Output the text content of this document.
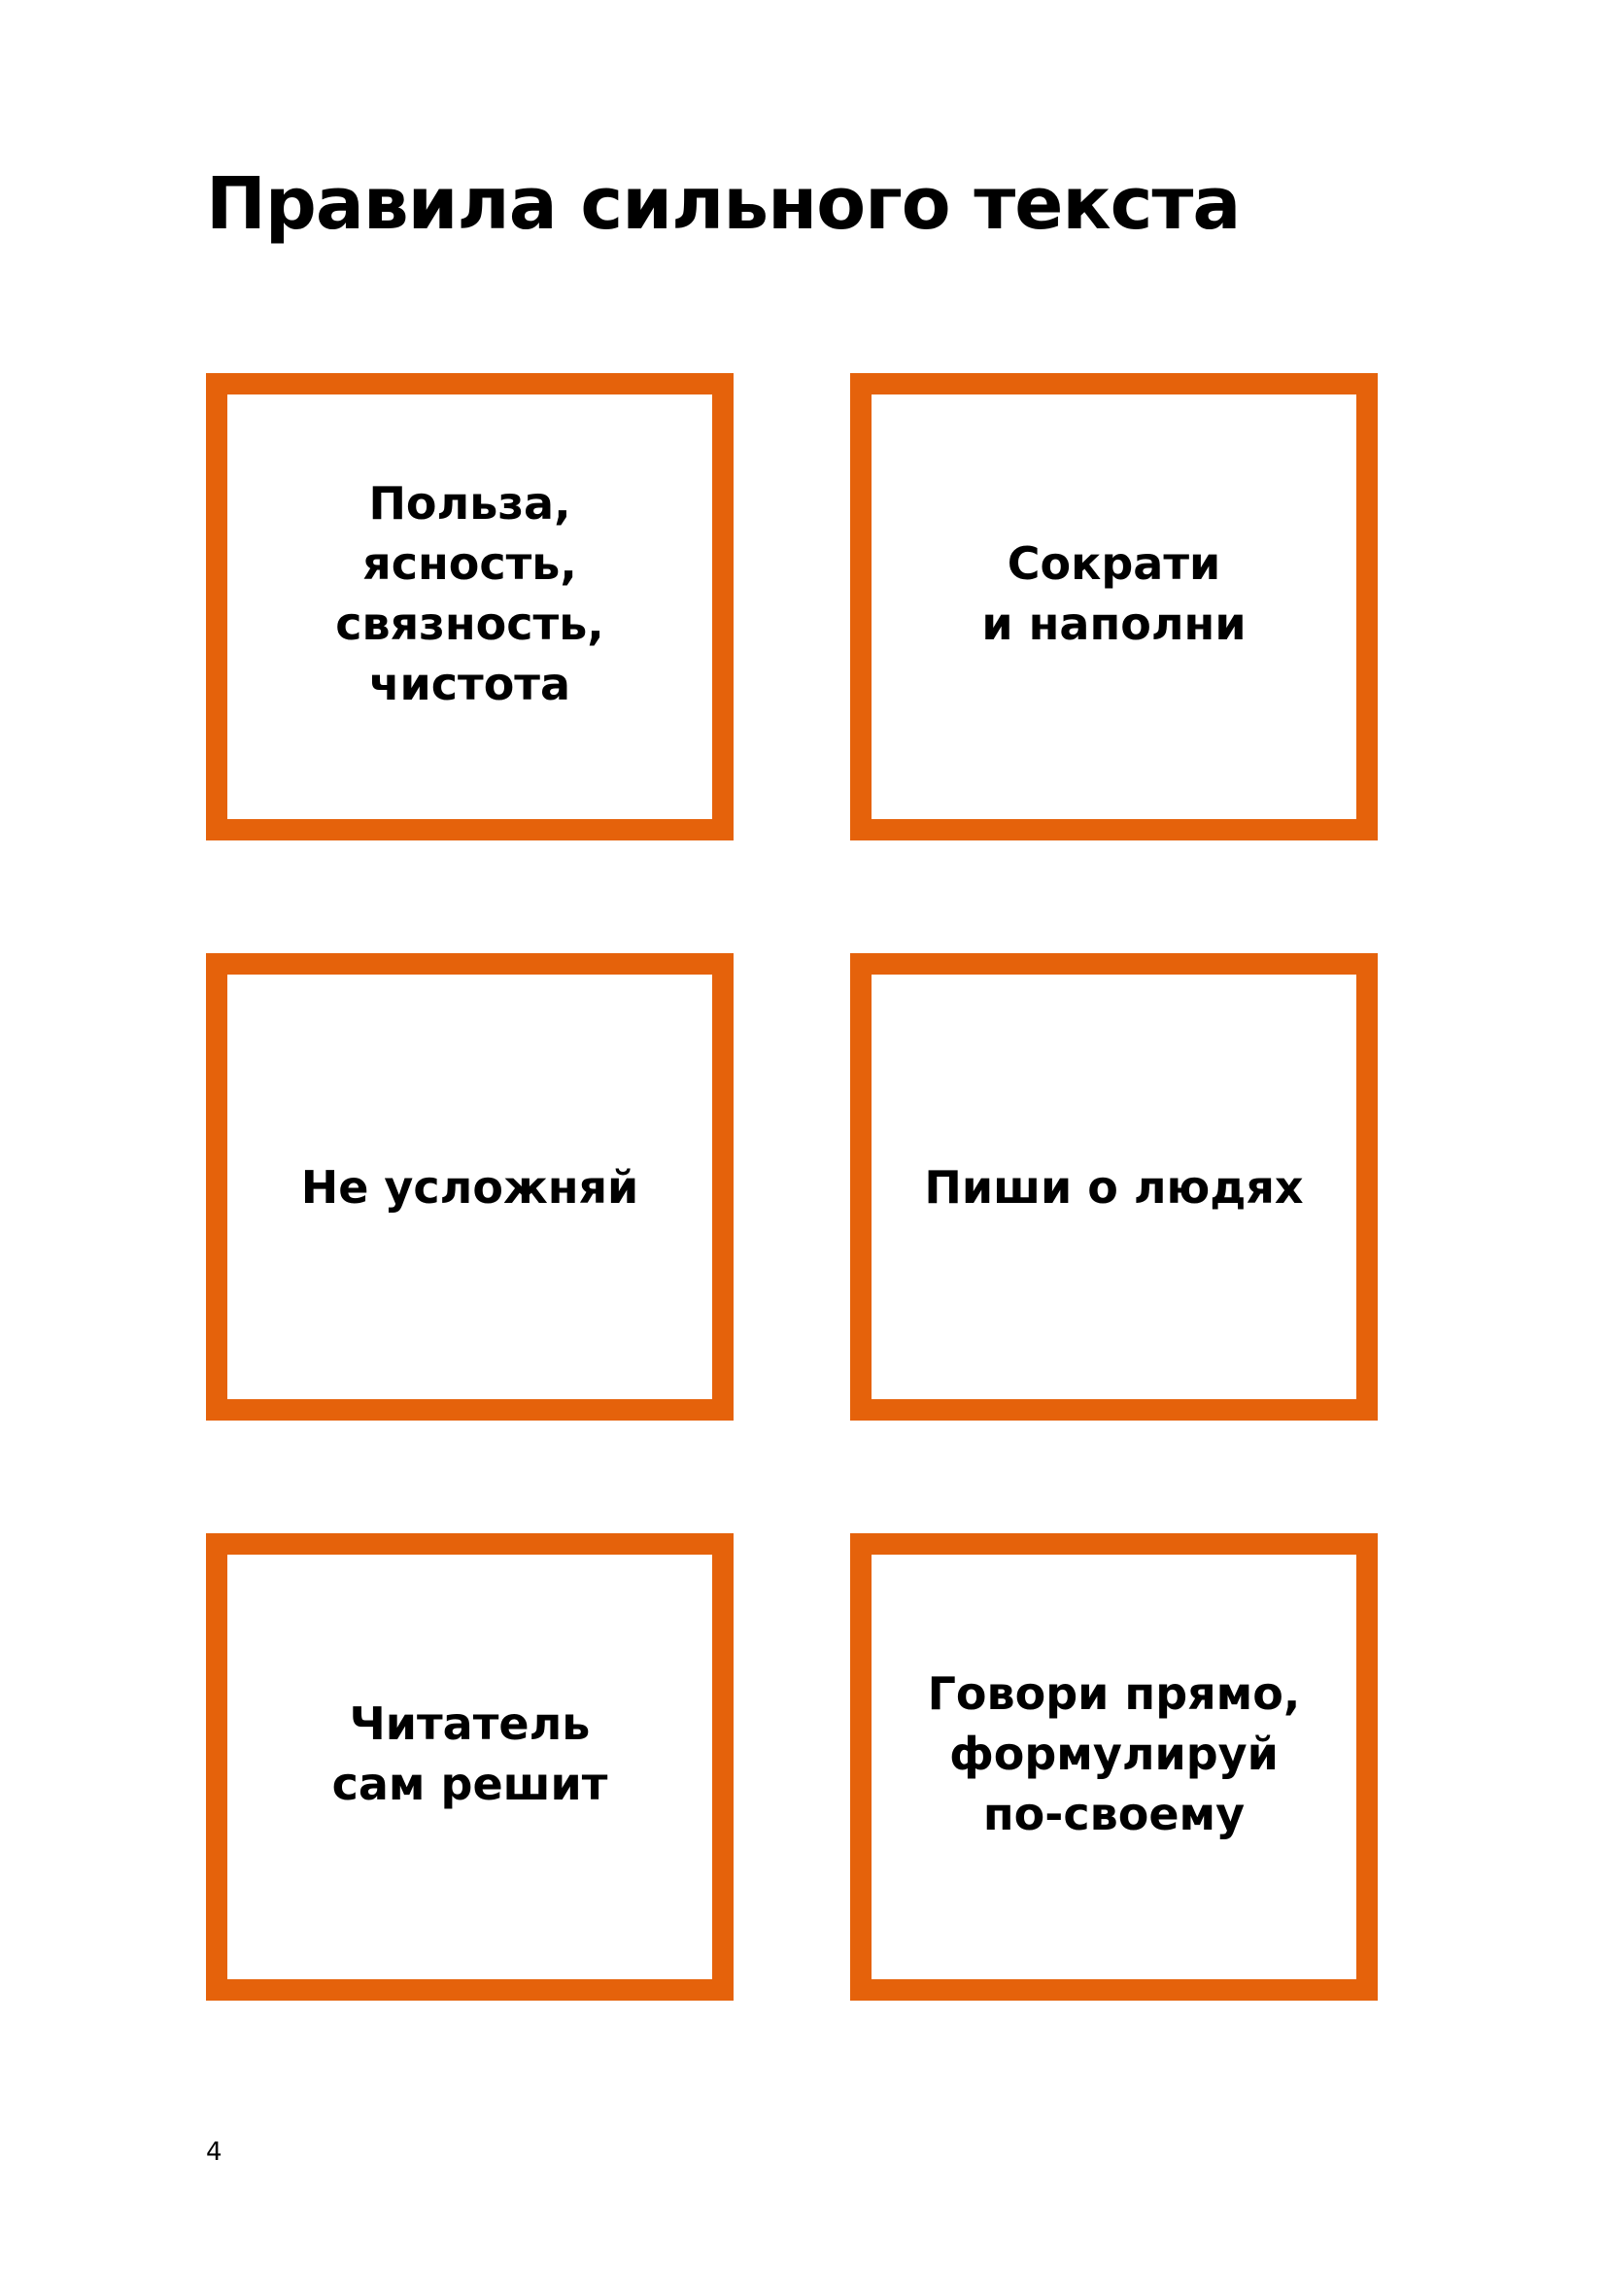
Правила сильного текста
Польза,
ясность,
связность,
чистота
Сократи
и наполни
Не усложняй	Пиши о людях
Читатель
сам решит
Говори прямо,
формулируй
по-своему
4
